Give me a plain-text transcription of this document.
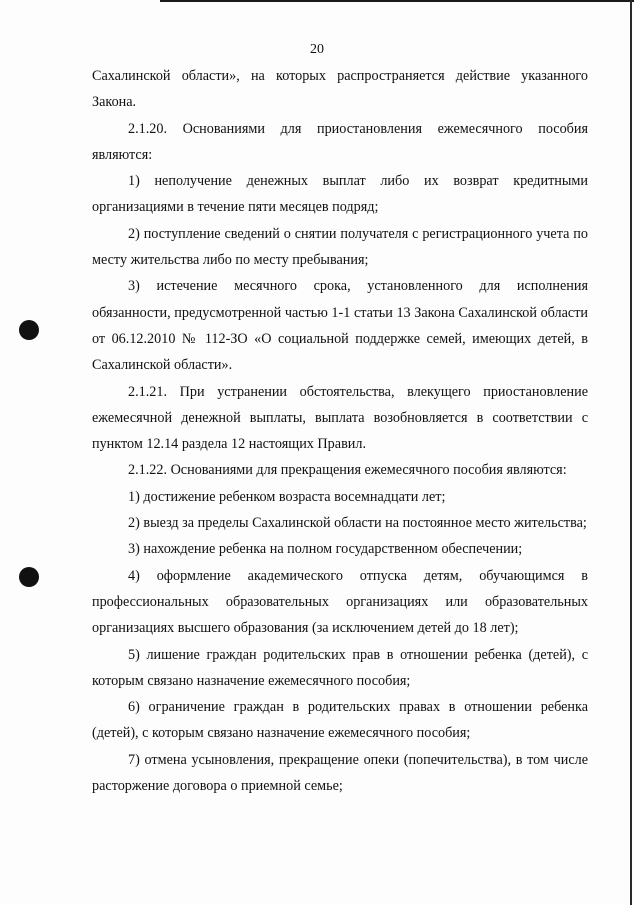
20

Сахалинской области», на которых распространяется действие указанного Закона.

2.1.20. Основаниями для приостановления ежемесячного пособия являются:

1) неполучение денежных выплат либо их возврат кредитными организациями в течение пяти месяцев подряд;

2) поступление сведений о снятии получателя с регистрационного учета по месту жительства либо по месту пребывания;

3) истечение месячного срока, установленного для исполнения обязанности, предусмотренной частью 1-1 статьи 13 Закона Сахалинской области от 06.12.2010 № 112-ЗО «О социальной поддержке семей, имеющих детей, в Сахалинской области».

2.1.21. При устранении обстоятельства, влекущего приостановление ежемесячной денежной выплаты, выплата возобновляется в соответствии с пунктом 12.14 раздела 12 настоящих Правил.

2.1.22. Основаниями для прекращения ежемесячного пособия являются:

1) достижение ребенком возраста восемнадцати лет;

2) выезд за пределы Сахалинской области на постоянное место жительства;

3) нахождение ребенка на полном государственном обеспечении;

4) оформление академического отпуска детям, обучающимся в профессиональных образовательных организациях или образовательных организациях высшего образования (за исключением детей до 18 лет);

5) лишение граждан родительских прав в отношении ребенка (детей), с которым связано назначение ежемесячного пособия;

6) ограничение граждан в родительских правах в отношении ребенка (детей), с которым связано назначение ежемесячного пособия;

7) отмена усыновления, прекращение опеки (попечительства), в том числе расторжение договора о приемной семье;
